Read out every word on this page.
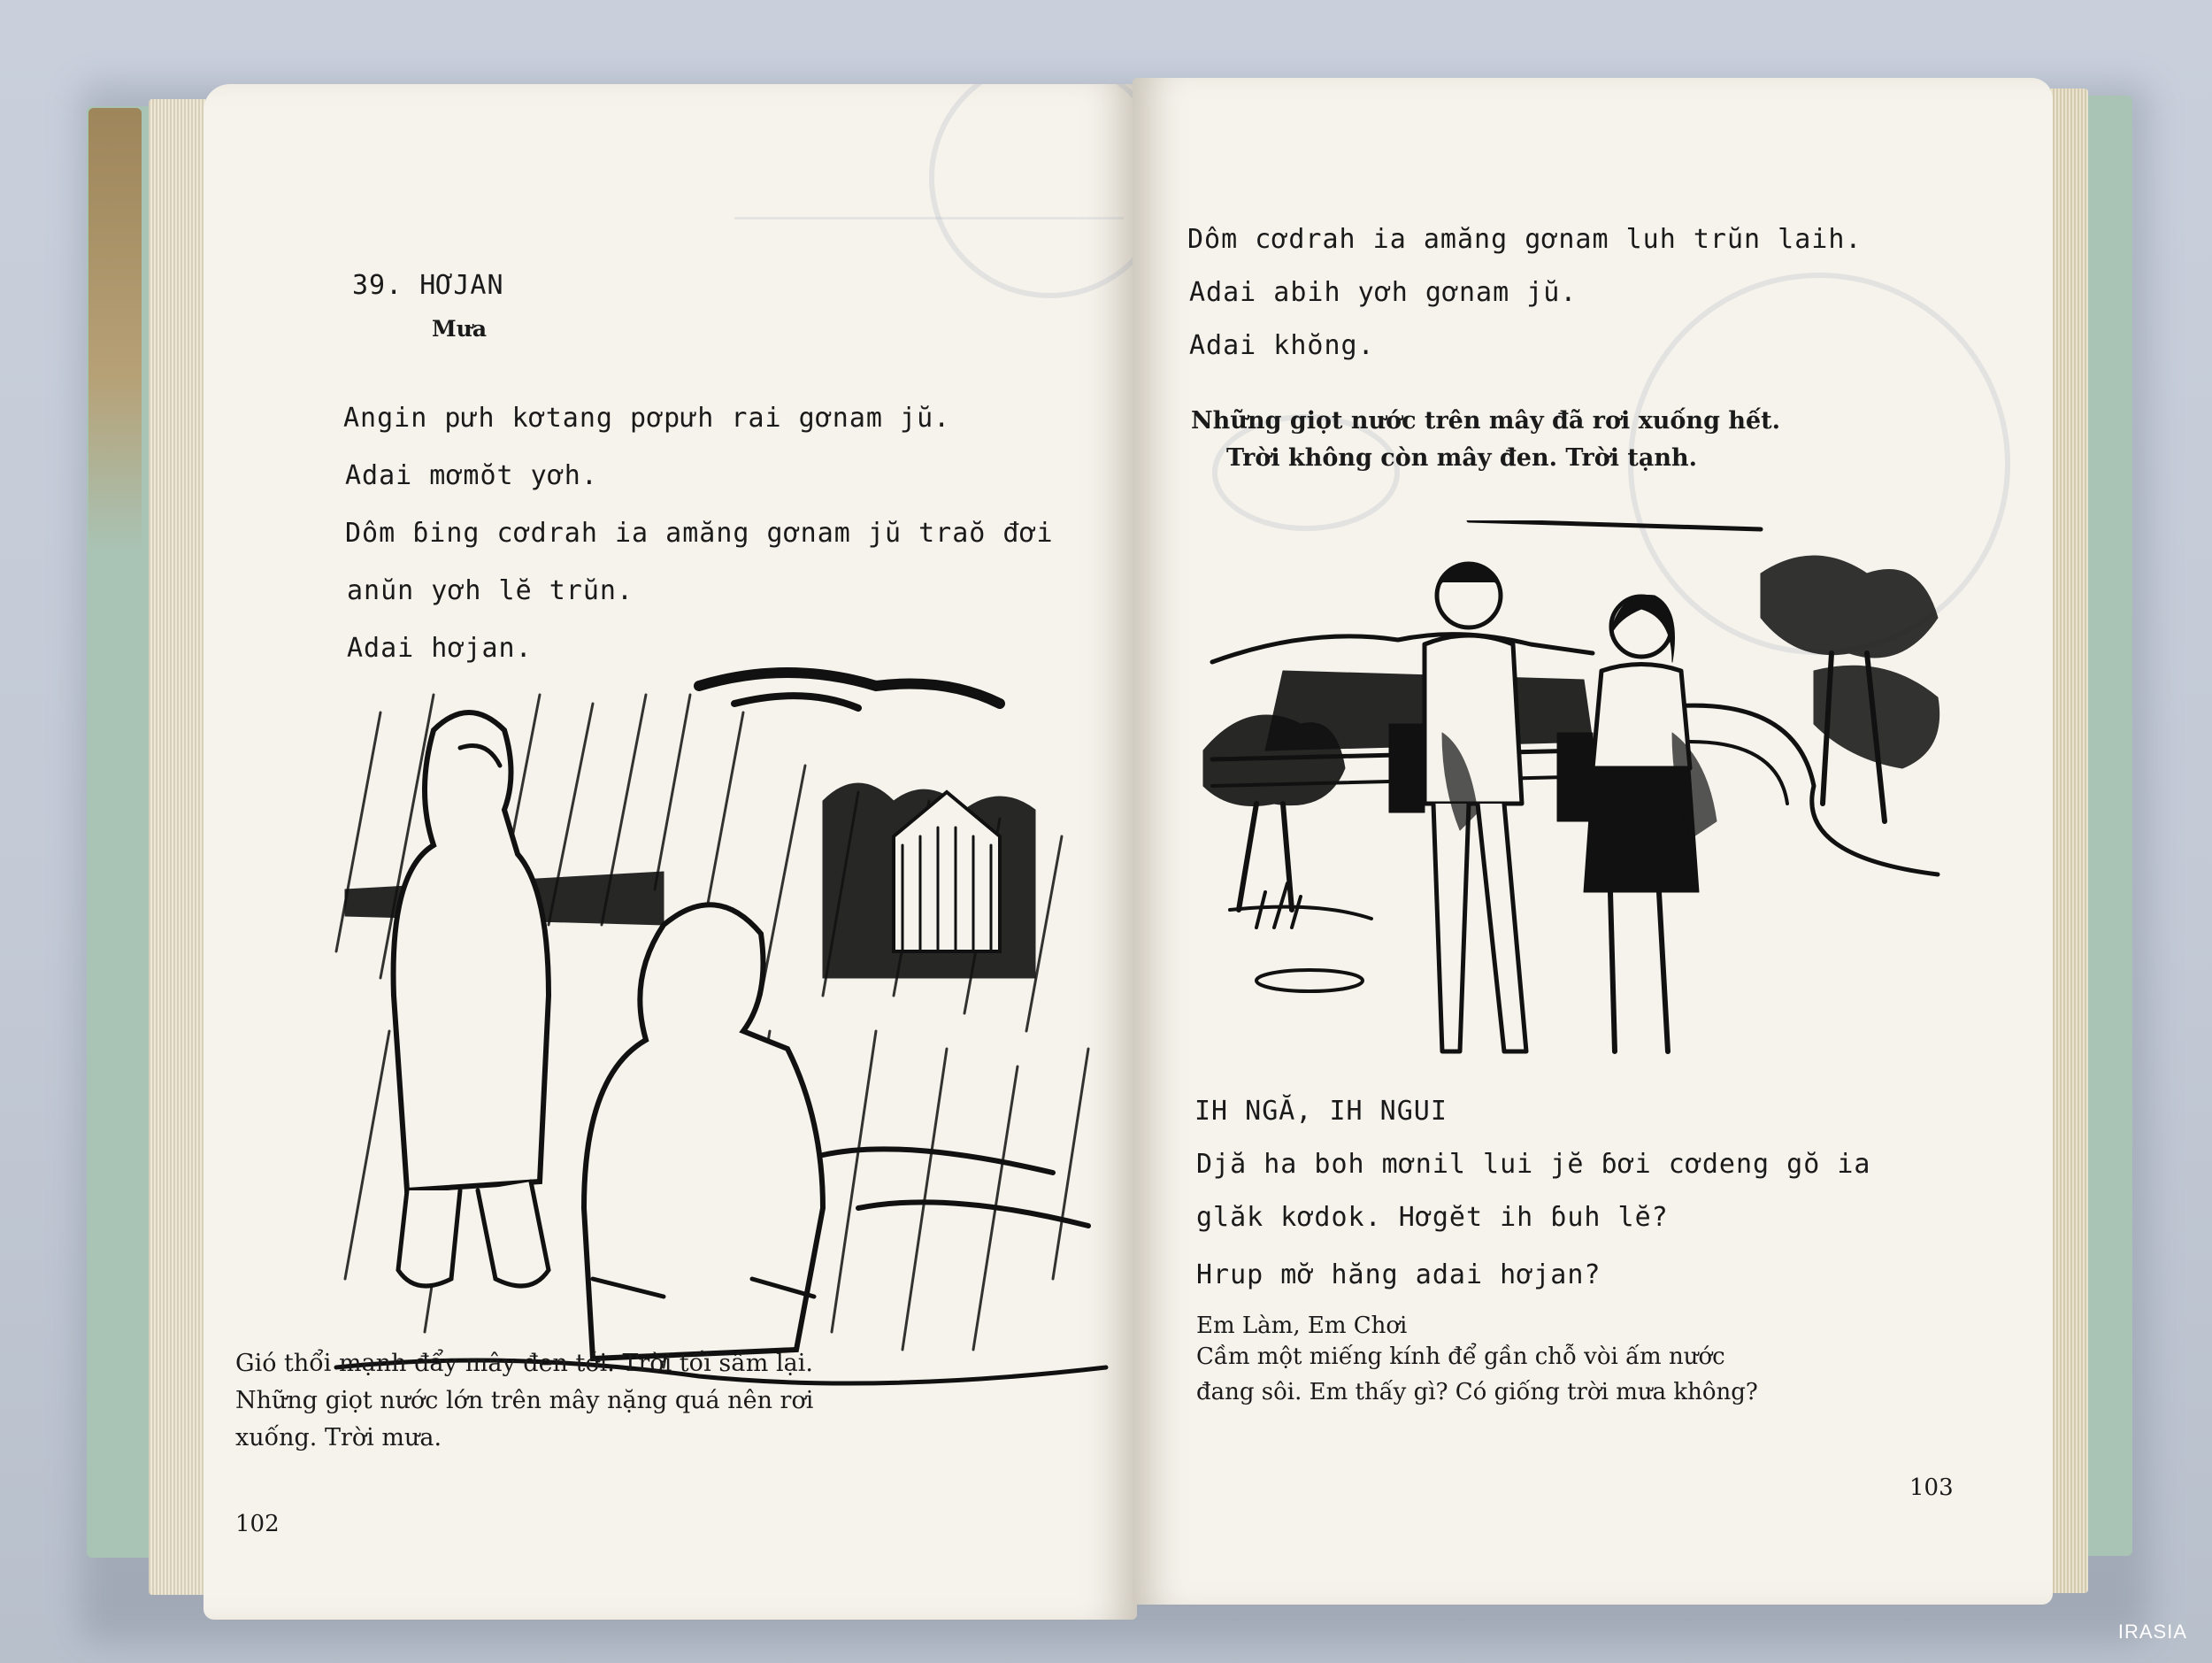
39. HƠJAN
Mưa
Angin pưh kơtang pơpưh rai gơnam jŭ.
Adai mơmŏt yơh.
Dôm ɓing cơdrah ia amăng gơnam jŭ traŏ đơi
anŭn yơh lĕ trŭn.
Adai hơjan.
Gió thổi mạnh đẩy mây đen tới. Trời tối sầm lại.
Những giọt nước lớn trên mây nặng quá nên rơi
xuống. Trời mưa.
102
Dôm cơdrah ia amăng gơnam luh trŭn laih.
Adai abih yơh gơnam jŭ.
Adai khŏng.
Những giọt nước trên mây đã rơi xuống hết.
Trời không còn mây đen. Trời tạnh.
IH NGĂ, IH NGUI
Djă ha boh mơnil lui jĕ ɓơi cơdeng gŏ ia
glăk kơdok. Hơgĕt ih ɓuh lĕ?
Hrup mơ̆ hăng adai hơjan?
Em Làm, Em Chơi
Cầm một miếng kính để gần chỗ vòi ấm nước
đang sôi. Em thấy gì? Có giống trời mưa không?
103
IRASIA
